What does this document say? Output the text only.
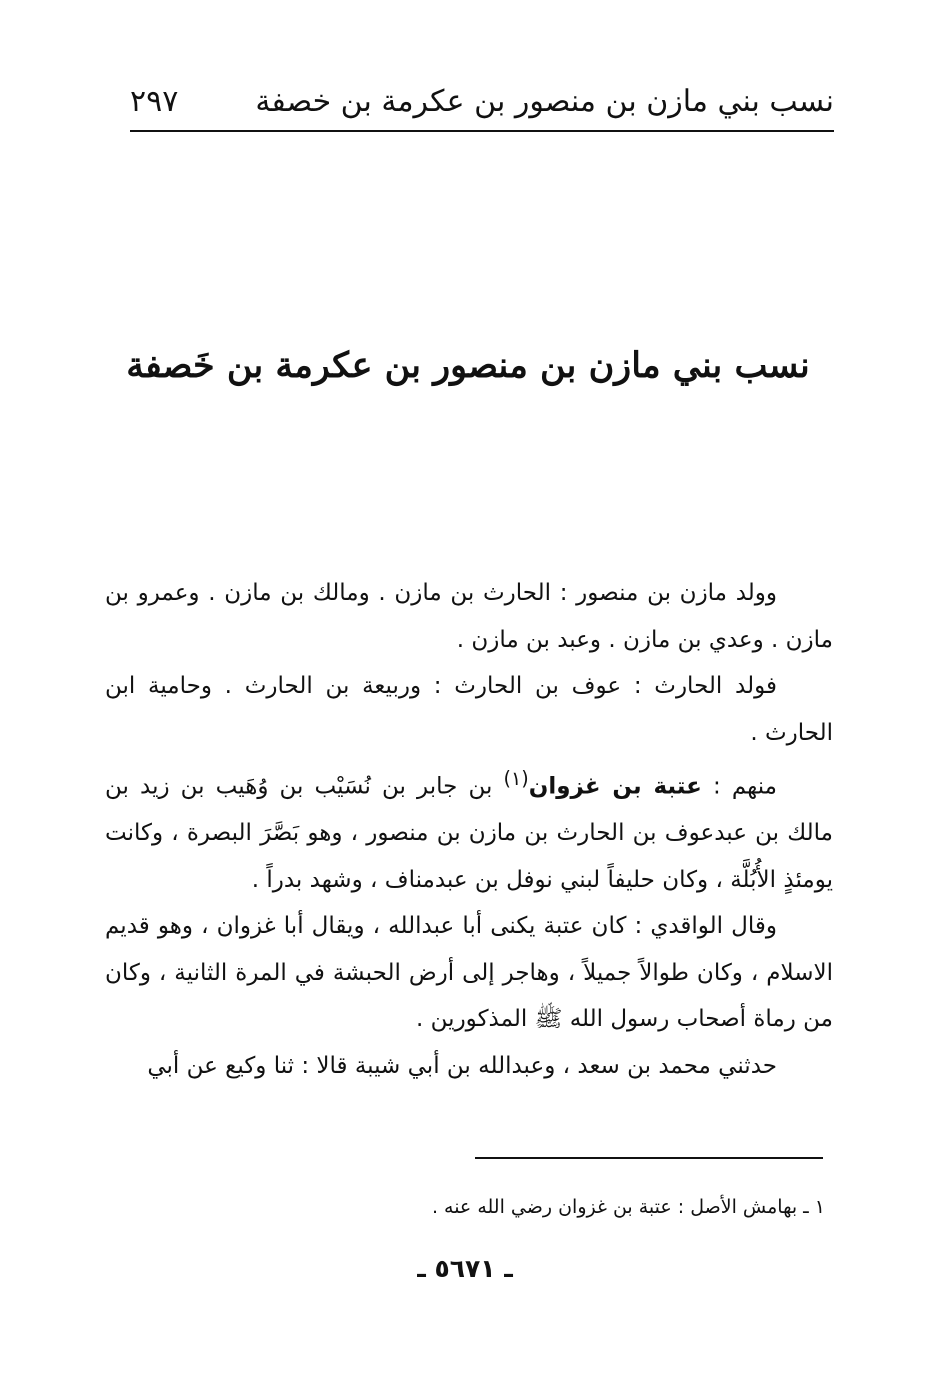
نسب بني مازن بن منصور بن عكرمة بن خصفة
٢٩٧
نسب بني مازن بن منصور بن عكرمة بن خَصفة

وولد مازن بن منصور : الحارث بن مازن . ومالك بن مازن . وعمرو بن مازن . وعدي بن مازن . وعبد بن مازن .

فولد الحارث : عوف بن الحارث : وربيعة بن الحارث . وحامية ابن الحارث .

منهم : عتبة بن غزوان$^{(١)}$ بن جابر بن نُسَيْب بن وُهَيب بن زيد بن مالك بن عبدعوف بن الحارث بن مازن بن منصور ، وهو بَصَّرَ البصرة ، وكانت يومئذٍ الأُبُلَّة ، وكان حليفاً لبني نوفل بن عبدمناف ، وشهد بدراً .

وقال الواقدي : كان عتبة يكنى أبا عبدالله ، ويقال أبا غزوان ، وهو قديم الاسلام ، وكان طوالاً جميلاً ، وهاجر إلى أرض الحبشة في المرة الثانية ، وكان من رماة أصحاب رسول الله ﷺ المذكورين .

حدثني محمد بن سعد ، وعبدالله بن أبي شيبة قالا : ثنا وكيع عن أبي

١ ـ بهامش الأصل : عتبة بن غزوان رضي الله عنه .
ـ ٥٦٧١ ـ
